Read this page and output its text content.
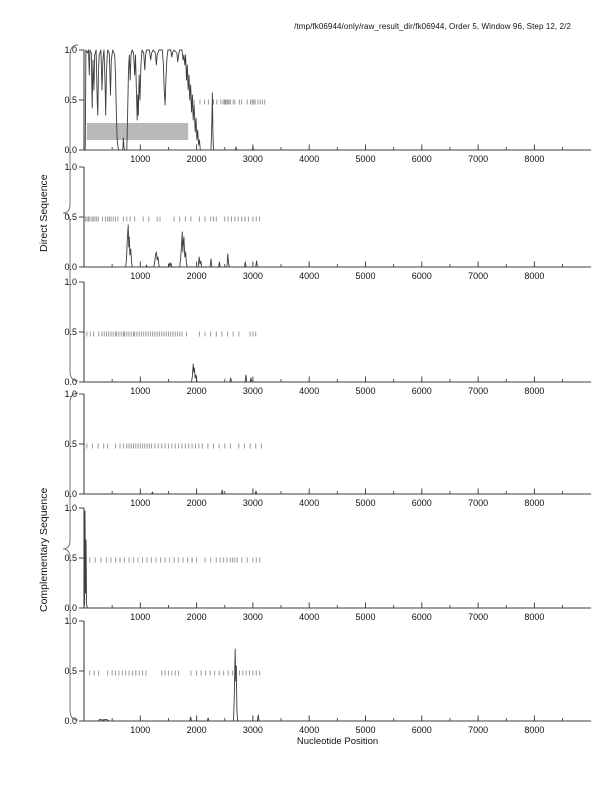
/tmp/fk06944/only/raw_result_dir/fk06944, Order 5, Window 96, Step 12, 2/2
Direct Sequence
Complementary Sequence
0.0
0.5
1.0
1000	2000	3000	4000	5000	6000	7000	8000
0.0
0.5
1.0
1000	2000	3000	4000	5000	6000	7000	8000
0.0
0.5
1.0
1000	2000	3000	4000	5000	6000	7000	8000
0.0
0.5
1.0
1000	2000	3000	4000	5000	6000	7000	8000
0.0
0.5
1.0
1000	2000	3000	4000	5000	6000	7000	8000
0.0
0.5
1.0
1000	2000	3000	4000	5000	6000	7000	8000
Nucleotide Position
